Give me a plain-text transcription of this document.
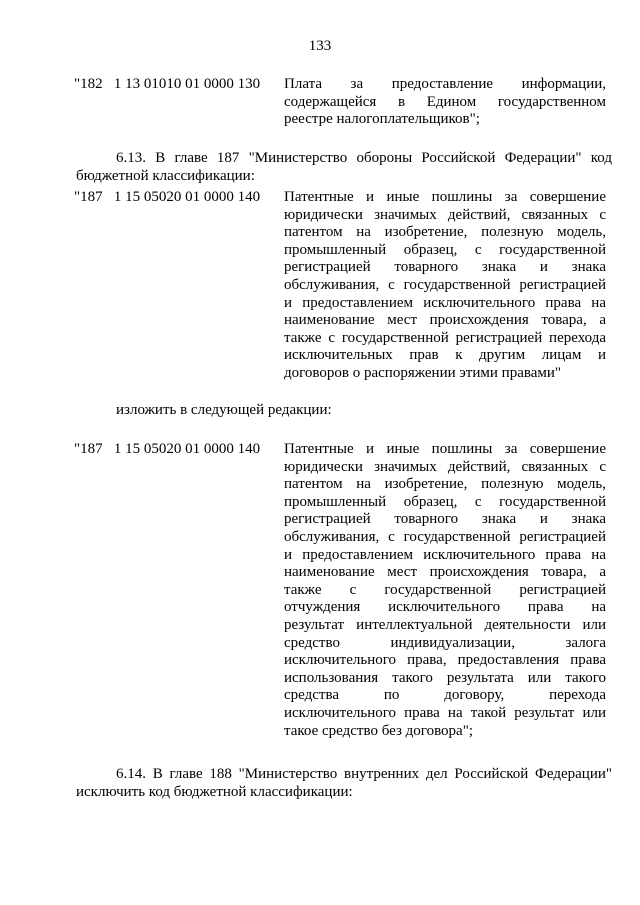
133
"182   1 13 01010 01 0000 130 Плата за предоставление информации,
содержащейся в Едином государственном
реестре налогоплательщиков";
6.13. В главе 187 "Министерство обороны Российской Федерации" код
бюджетной классификации:
"187   1 15 05020 01 0000 140 Патентные и иные пошлины за совершение
юридически значимых действий, связанных с
патентом на изобретение, полезную модель,
промышленный образец, с государственной
регистрацией товарного знака и знака
обслуживания, с государственной регистрацией
и предоставлением исключительного права на
наименование мест происхождения товара, а
также с государственной регистрацией перехода
исключительных прав к другим лицам и
договоров о распоряжении этими правами"
изложить в следующей редакции:
"187   1 15 05020 01 0000 140 Патентные и иные пошлины за совершение
юридически значимых действий, связанных с
патентом на изобретение, полезную модель,
промышленный образец, с государственной
регистрацией товарного знака и знака
обслуживания, с государственной регистрацией
и предоставлением исключительного права на
наименование мест происхождения товара, а
также с государственной регистрацией
отчуждения исключительного права на
результат интеллектуальной деятельности или
средство индивидуализации, залога
исключительного права, предоставления права
использования такого результата или такого
средства по договору, перехода
исключительного права на такой результат или
такое средство без договора";
6.14. В главе 188 "Министерство внутренних дел Российской Федерации"
исключить код бюджетной классификации:
